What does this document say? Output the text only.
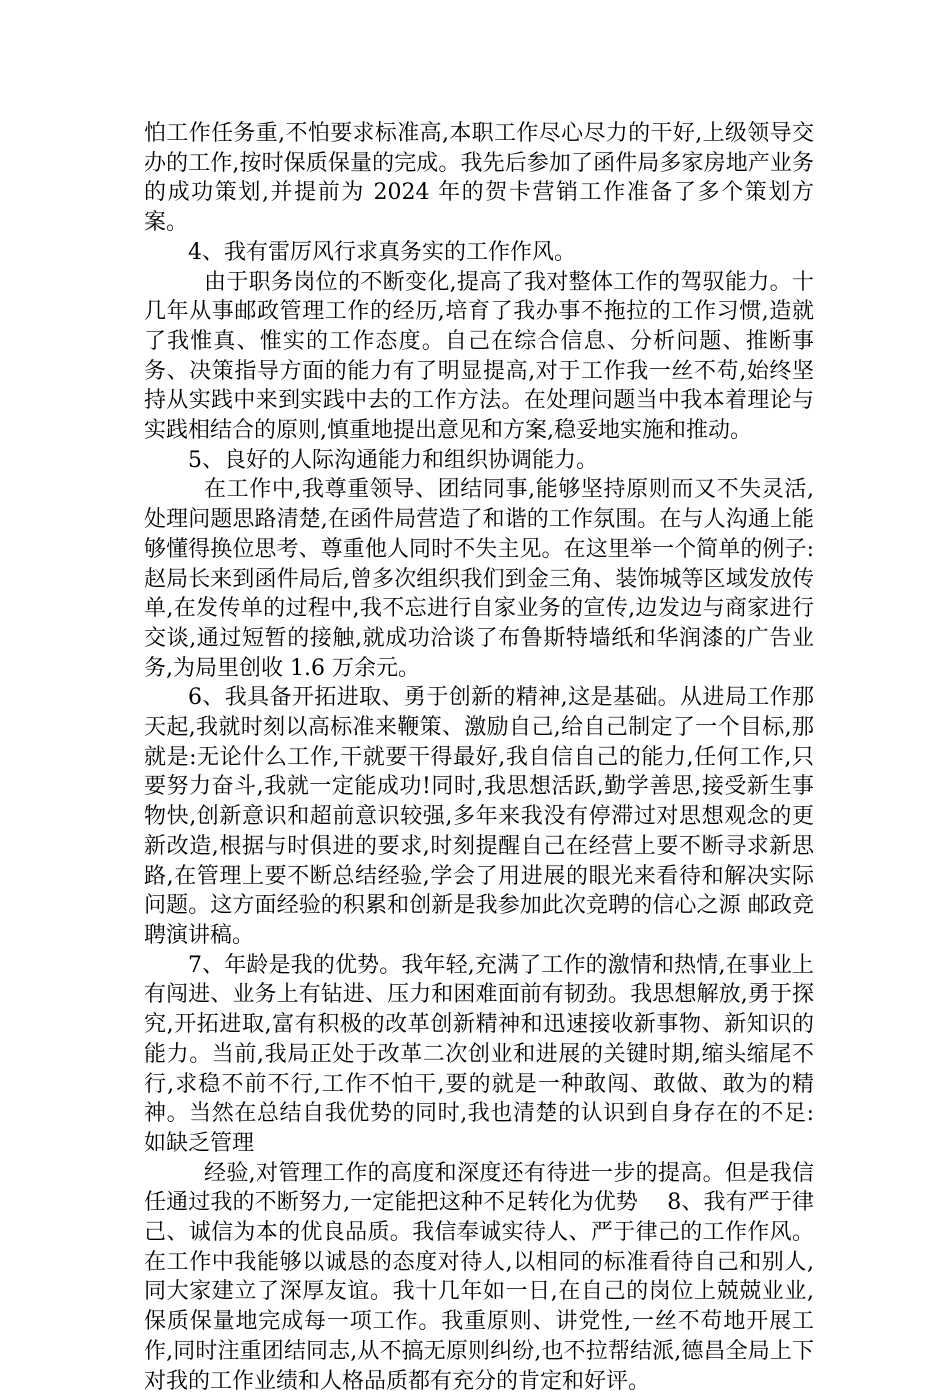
怕工作任务重,不怕要求标准高,本职工作尽心尽力的干好,上级领导交办的工作,按时保质保量的完成。我先后参加了函件局多家房地产业务的成功策划,并提前为 2024 年的贺卡营销工作准备了多个策划方案。

4、我有雷厉风行求真务实的工作作风。

由于职务岗位的不断变化,提高了我对整体工作的驾驭能力。十几年从事邮政管理工作的经历,培育了我办事不拖拉的工作习惯,造就了我惟真、惟实的工作态度。自己在综合信息、分析问题、推断事务、决策指导方面的能力有了明显提高,对于工作我一丝不苟,始终坚持从实践中来到实践中去的工作方法。在处理问题当中我本着理论与实践相结合的原则,慎重地提出意见和方案,稳妥地实施和推动。

5、良好的人际沟通能力和组织协调能力。

在工作中,我尊重领导、团结同事,能够坚持原则而又不失灵活,处理问题思路清楚,在函件局营造了和谐的工作氛围。在与人沟通上能够懂得换位思考、尊重他人同时不失主见。在这里举一个简单的例子:赵局长来到函件局后,曾多次组织我们到金三角、装饰城等区域发放传单,在发传单的过程中,我不忘进行自家业务的宣传,边发边与商家进行交谈,通过短暂的接触,就成功洽谈了布鲁斯特墙纸和华润漆的广告业务,为局里创收 1.6 万余元。

6、我具备开拓进取、勇于创新的精神,这是基础。从进局工作那天起,我就时刻以高标准来鞭策、激励自己,给自己制定了一个目标,那就是:无论什么工作,干就要干得最好,我自信自己的能力,任何工作,只要努力奋斗,我就一定能成功!同时,我思想活跃,勤学善思,接受新生事物快,创新意识和超前意识较强,多年来我没有停滞过对思想观念的更新改造,根据与时俱进的要求,时刻提醒自己在经营上要不断寻求新思路,在管理上要不断总结经验,学会了用进展的眼光来看待和解决实际问题。这方面经验的积累和创新是我参加此次竞聘的信心之源 邮政竞聘演讲稿。

7、年龄是我的优势。我年轻,充满了工作的激情和热情,在事业上有闯进、业务上有钻进、压力和困难面前有韧劲。我思想解放,勇于探究,开拓进取,富有积极的改革创新精神和迅速接收新事物、新知识的能力。当前,我局正处于改革二次创业和进展的关键时期,缩头缩尾不行,求稳不前不行,工作不怕干,要的就是一种敢闯、敢做、敢为的精神。当然在总结自我优势的同时,我也清楚的认识到自身存在的不足:如缺乏管理

经验,对管理工作的高度和深度还有待进一步的提高。但是我信任通过我的不断努力,一定能把这种不足转化为优势　 8、我有严于律己、诚信为本的优良品质。我信奉诚实待人、严于律己的工作作风。在工作中我能够以诚恳的态度对待人,以相同的标准看待自己和别人,同大家建立了深厚友谊。我十几年如一日,在自己的岗位上兢兢业业,保质保量地完成每一项工作。我重原则、讲党性,一丝不苟地开展工作,同时注重团结同志,从不搞无原则纠纷,也不拉帮结派,德昌全局上下对我的工作业绩和人格品质都有充分的肯定和好评。
